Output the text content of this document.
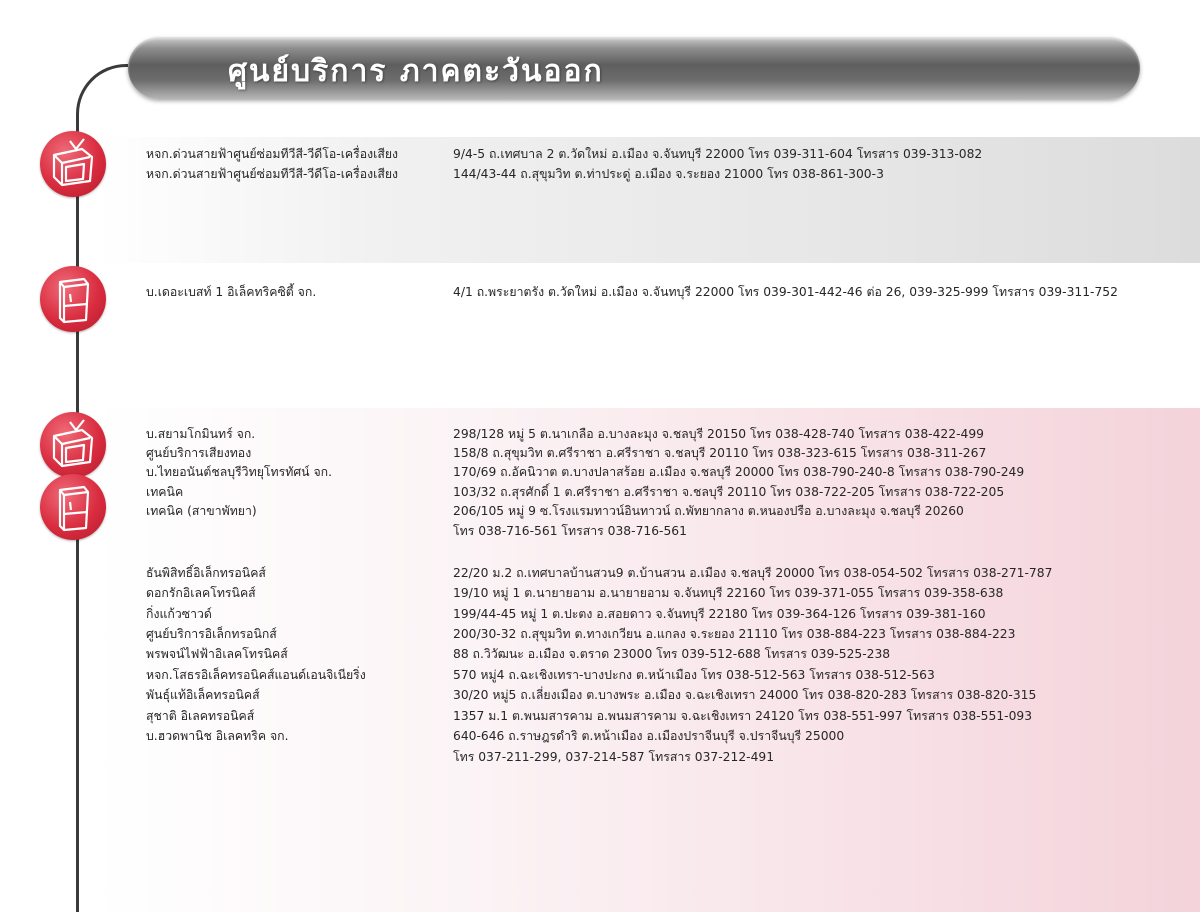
ศูนย์บริการ ภาคตะวันออก
หจก.ด่วนสายฟ้าศูนย์ซ่อมทีวีสี-วีดีโอ-เครื่องเสียง	9/4-5 ถ.เทศบาล 2 ต.วัดใหม่ อ.เมือง จ.จันทบุรี 22000 โทร 039-311-604 โทรสาร 039-313-082
หจก.ด่วนสายฟ้าศูนย์ซ่อมทีวีสี-วีดีโอ-เครื่องเสียง	144/43-44 ถ.สุขุมวิท ต.ท่าประดู่ อ.เมือง จ.ระยอง 21000 โทร 038-861-300-3
บ.เดอะเบสท์ 1 อิเล็คทริคซิตี้ จก.	4/1 ถ.พระยาตรัง ต.วัดใหม่ อ.เมือง จ.จันทบุรี 22000 โทร 039-301-442-46 ต่อ 26, 039-325-999 โทรสาร 039-311-752
บ.สยามโกมินทร์ จก.	298/128 หมู่ 5 ต.นาเกลือ อ.บางละมุง จ.ชลบุรี 20150 โทร 038-428-740 โทรสาร 038-422-499
ศูนย์บริการเสียงทอง	158/8 ถ.สุขุมวิท ต.ศรีราชา อ.ศรีราชา จ.ชลบุรี 20110 โทร 038-323-615 โทรสาร 038-311-267
บ.ไทยอนันต์ชลบุรีวิทยุโทรทัศน์ จก.	170/69 ถ.อัคนิวาต ต.บางปลาสร้อย อ.เมือง จ.ชลบุรี 20000 โทร 038-790-240-8 โทรสาร 038-790-249
เทคนิค	103/32 ถ.สุรศักดิ์ 1 ต.ศรีราชา อ.ศรีราชา จ.ชลบุรี 20110 โทร 038-722-205 โทรสาร 038-722-205
เทคนิค (สาขาพัทยา)	206/105 หมู่ 9 ซ.โรงแรมทาวน์อินทาวน์ ถ.พัทยากลาง ต.หนองปรือ อ.บางละมุง จ.ชลบุรี 20260
โทร 038-716-561 โทรสาร 038-716-561
ธันพิสิทธิ์อิเล็กทรอนิคส์	22/20 ม.2 ถ.เทศบาลบ้านสวน9 ต.บ้านสวน อ.เมือง จ.ชลบุรี 20000 โทร 038-054-502 โทรสาร 038-271-787
ดอกรักอิเลคโทรนิคส์	19/10 หมู่ 1 ต.นายายอาม อ.นายายอาม จ.จันทบุรี 22160 โทร 039-371-055 โทรสาร 039-358-638
กิ่งแก้วซาวด์	199/44-45 หมู่ 1 ต.ปะตง อ.สอยดาว จ.จันทบุรี 22180 โทร 039-364-126 โทรสาร 039-381-160
ศูนย์บริการอิเล็กทรอนิกส์	200/30-32 ถ.สุขุมวิท ต.ทางเกวียน อ.แกลง จ.ระยอง 21110 โทร 038-884-223 โทรสาร 038-884-223
พรพจน์ไฟฟ้าอิเลคโทรนิคส์	88 ถ.วิวัฒนะ อ.เมือง จ.ตราด 23000 โทร 039-512-688 โทรสาร 039-525-238
หจก.โสธรอิเล็คทรอนิคส์แอนด์เอนจิเนียริ่ง	570 หมู่4 ถ.ฉะเชิงเทรา-บางปะกง ต.หน้าเมือง โทร 038-512-563 โทรสาร 038-512-563
พันธุ์แท้อิเล็คทรอนิคส์	30/20 หมู่5 ถ.เลี่ยงเมือง ต.บางพระ อ.เมือง จ.ฉะเชิงเทรา 24000 โทร 038-820-283 โทรสาร 038-820-315
สุชาติ อิเลคทรอนิคส์	1357 ม.1 ต.พนมสารคาม อ.พนมสารคาม จ.ฉะเชิงเทรา 24120 โทร 038-551-997 โทรสาร 038-551-093
บ.ฮวดพานิช อิเลคทริค จก.	640-646 ถ.ราษฎรดำริ ต.หน้าเมือง อ.เมืองปราจีนบุรี จ.ปราจีนบุรี 25000
โทร 037-211-299, 037-214-587 โทรสาร 037-212-491
